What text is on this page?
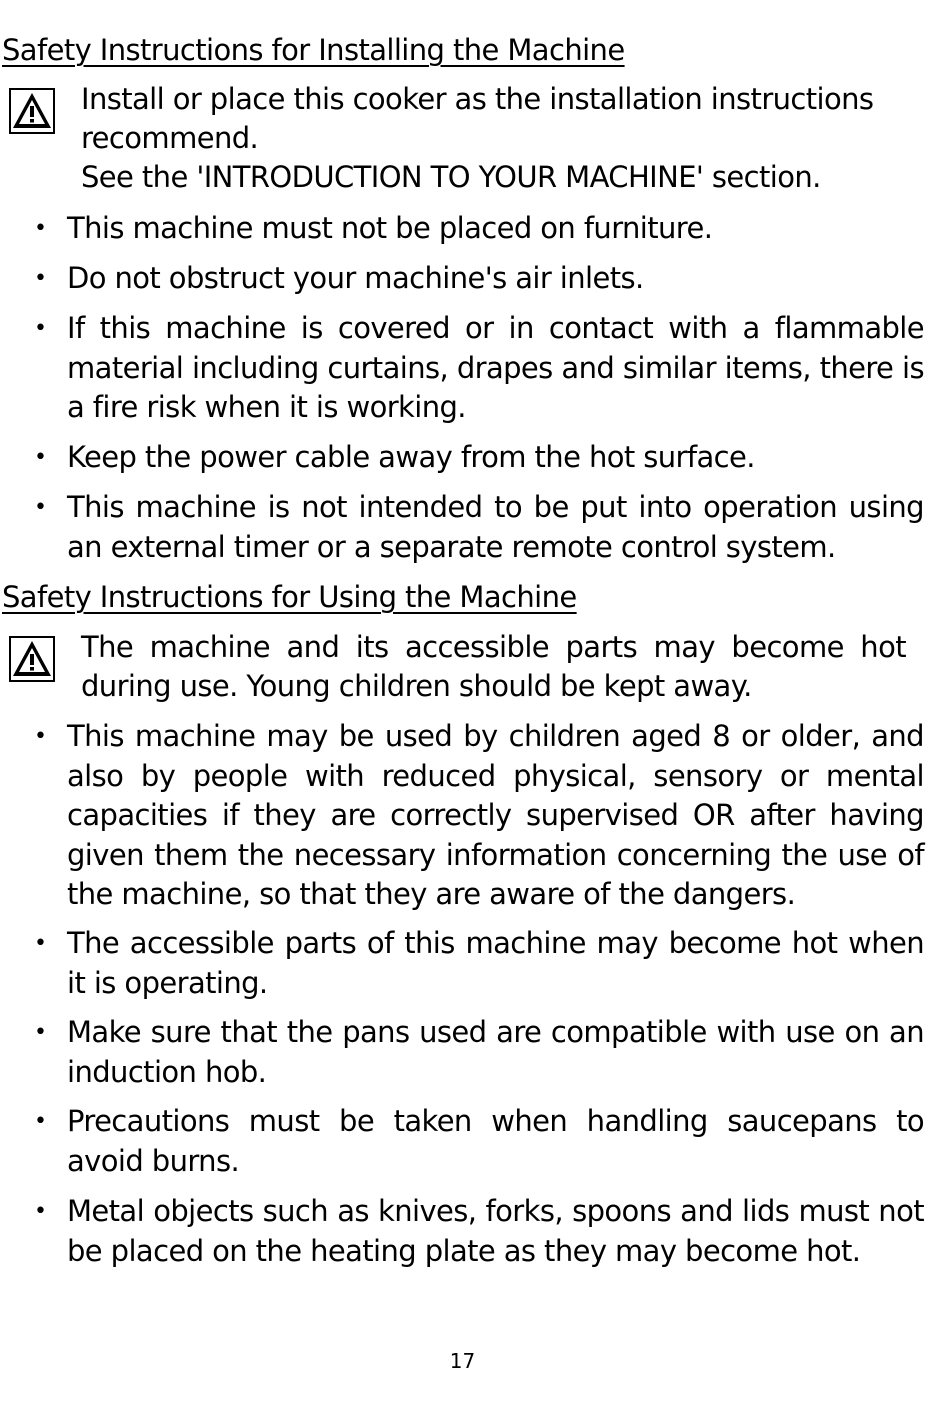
Safety Instructions for Installing the Machine
Install or place this cooker as the installation instructions
recommend.
See the 'INTRODUCTION TO YOUR MACHINE' section.
• This machine must not be placed on furniture.
• Do not obstruct your machine's air inlets.
• If this machine is covered or in contact with a flammable material including curtains, drapes and similar items, there is a fire risk when it is working.
• Keep the power cable away from the hot surface.
• This machine is not intended to be put into operation using an external timer or a separate remote control system.
Safety Instructions for Using the Machine
The machine and its accessible parts may become hot
during use. Young children should be kept away.
• This machine may be used by children aged 8 or older, and also by people with reduced physical, sensory or mental capacities if they are correctly supervised OR after having given them the necessary information concerning the use of the machine, so that they are aware of the dangers.
• The accessible parts of this machine may become hot when it is operating.
• Make sure that the pans used are compatible with use on an induction hob.
• Precautions must be taken when handling saucepans to avoid burns.
• Metal objects such as knives, forks, spoons and lids must not be placed on the heating plate as they may become hot.
17
